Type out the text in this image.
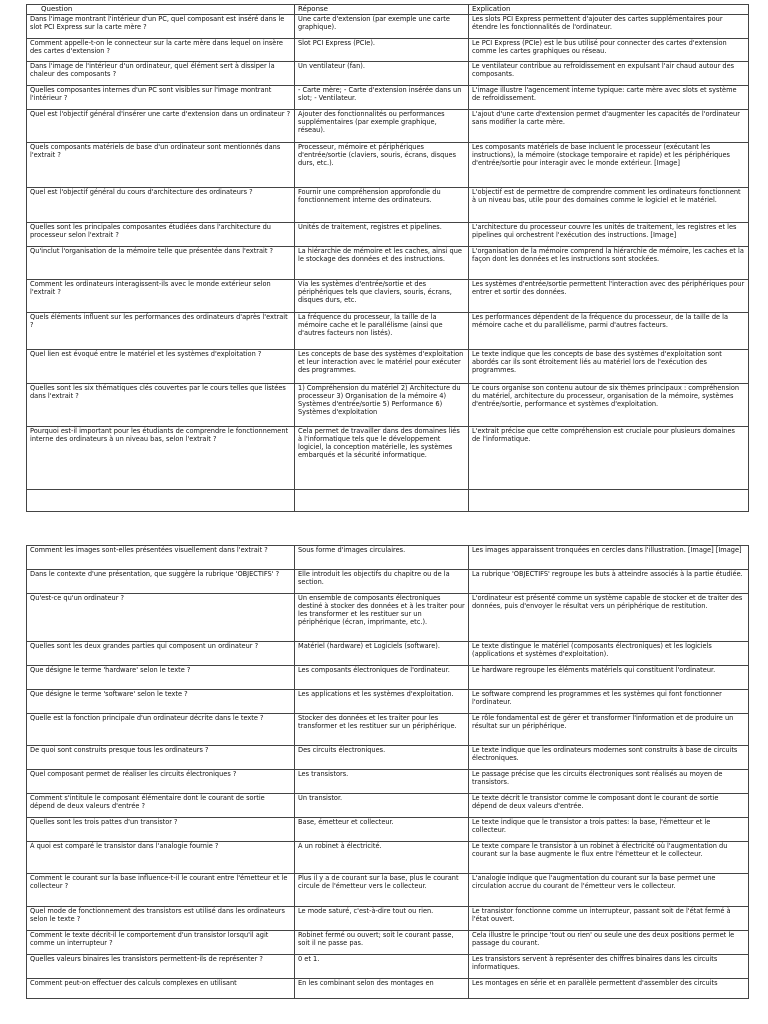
Question	Réponse	Explication
Dans l'image montrant l'intérieur d'un PC, quel composant est inséré dans le slot PCI Express sur la carte mère ?	Une carte d'extension (par exemple une carte graphique).	Les slots PCI Express permettent d'ajouter des cartes supplémentaires pour étendre les fonctionnalités de l'ordinateur.
Comment appelle-t-on le connecteur sur la carte mère dans lequel on insère des cartes d'extension ?	Slot PCI Express (PCIe).	Le PCI Express (PCIe) est le bus utilisé pour connecter des cartes d'extension comme les cartes graphiques ou réseau.
Dans l'image de l'intérieur d'un ordinateur, quel élément sert à dissiper la chaleur des composants ?	Un ventilateur (fan).	Le ventilateur contribue au refroidissement en expulsant l'air chaud autour des composants.
Quelles composantes internes d'un PC sont visibles sur l'image montrant l'intérieur ?	- Carte mère; - Carte d'extension insérée dans un slot; - Ventilateur.	L'image illustre l'agencement interne typique: carte mère avec slots et système de refroidissement.
Quel est l'objectif général d'insérer une carte d'extension dans un ordinateur ?	Ajouter des fonctionnalités ou performances supplémentaires (par exemple graphique, réseau).	L'ajout d'une carte d'extension permet d'augmenter les capacités de l'ordinateur sans modifier la carte mère.
Quels composants matériels de base d'un ordinateur sont mentionnés dans l'extrait ?	Processeur, mémoire et périphériques d'entrée/sortie (claviers, souris, écrans, disques durs, etc.).	Les composants matériels de base incluent le processeur (exécutant les instructions), la mémoire (stockage temporaire et rapide) et les périphériques d'entrée/sortie pour interagir avec le monde extérieur. [Image]
Quel est l'objectif général du cours d'architecture des ordinateurs ?	Fournir une compréhension approfondie du fonctionnement interne des ordinateurs.	L'objectif est de permettre de comprendre comment les ordinateurs fonctionnent à un niveau bas, utile pour des domaines comme le logiciel et le matériel.
Quelles sont les principales composantes étudiées dans l'architecture du processeur selon l'extrait ?	Unités de traitement, registres et pipelines.	L'architecture du processeur couvre les unités de traitement, les registres et les pipelines qui orchestrent l'exécution des instructions. [Image]
Qu'inclut l'organisation de la mémoire telle que présentée dans l'extrait ?	La hiérarchie de mémoire et les caches, ainsi que le stockage des données et des instructions.	L'organisation de la mémoire comprend la hiérarchie de mémoire, les caches et la façon dont les données et les instructions sont stockées.
Comment les ordinateurs interagissent-ils avec le monde extérieur selon l'extrait ?	Via les systèmes d'entrée/sortie et des périphériques tels que claviers, souris, écrans, disques durs, etc.	Les systèmes d'entrée/sortie permettent l'interaction avec des périphériques pour entrer et sortir des données.
Quels éléments influent sur les performances des ordinateurs d'après l'extrait ?	La fréquence du processeur, la taille de la mémoire cache et le parallélisme (ainsi que d'autres facteurs non listés).	Les performances dépendent de la fréquence du processeur, de la taille de la mémoire cache et du parallélisme, parmi d'autres facteurs.
Quel lien est évoqué entre le matériel et les systèmes d'exploitation ?	Les concepts de base des systèmes d'exploitation et leur interaction avec le matériel pour exécuter des programmes.	Le texte indique que les concepts de base des systèmes d'exploitation sont abordés car ils sont étroitement liés au matériel lors de l'exécution des programmes.
Quelles sont les six thématiques clés couvertes par le cours telles que listées dans l'extrait ?	1) Compréhension du matériel 2) Architecture du processeur 3) Organisation de la mémoire 4) Systèmes d'entrée/sortie 5) Performance 6) Systèmes d'exploitation	Le cours organise son contenu autour de six thèmes principaux : compréhension du matériel, architecture du processeur, organisation de la mémoire, systèmes d'entrée/sortie, performance et systèmes d'exploitation.
Pourquoi est-il important pour les étudiants de comprendre le fonctionnement interne des ordinateurs à un niveau bas, selon l'extrait ?	Cela permet de travailler dans des domaines liés à l'informatique tels que le développement logiciel, la conception matérielle, les systèmes embarqués et la sécurité informatique.	L'extrait précise que cette compréhension est cruciale pour plusieurs domaines de l'informatique.

Comment les images sont-elles présentées visuellement dans l'extrait ?	Sous forme d'images circulaires.	Les images apparaissent tronquées en cercles dans l'illustration. [Image] [Image]
Dans le contexte d'une présentation, que suggère la rubrique 'OBJECTIFS' ?	Elle introduit les objectifs du chapitre ou de la section.	La rubrique 'OBJECTIFS' regroupe les buts à atteindre associés à la partie étudiée.
Qu'est-ce qu'un ordinateur ?	Un ensemble de composants électroniques destiné à stocker des données et à les traiter pour les transformer et les restituer sur un périphérique (écran, imprimante, etc.).	L'ordinateur est présenté comme un système capable de stocker et de traiter des données, puis d'envoyer le résultat vers un périphérique de restitution.
Quelles sont les deux grandes parties qui composent un ordinateur ?	Matériel (hardware) et Logiciels (software).	Le texte distingue le matériel (composants électroniques) et les logiciels (applications et systèmes d'exploitation).
Que désigne le terme 'hardware' selon le texte ?	Les composants électroniques de l'ordinateur.	Le hardware regroupe les éléments matériels qui constituent l'ordinateur.
Que désigne le terme 'software' selon le texte ?	Les applications et les systèmes d'exploitation.	Le software comprend les programmes et les systèmes qui font fonctionner l'ordinateur.
Quelle est la fonction principale d'un ordinateur décrite dans le texte ?	Stocker des données et les traiter pour les transformer et les restituer sur un périphérique.	Le rôle fondamental est de gérer et transformer l'information et de produire un résultat sur un périphérique.
De quoi sont construits presque tous les ordinateurs ?	Des circuits électroniques.	Le texte indique que les ordinateurs modernes sont construits à base de circuits électroniques.
Quel composant permet de réaliser les circuits électroniques ?	Les transistors.	Le passage précise que les circuits électroniques sont réalisés au moyen de transistors.
Comment s'intitule le composant élémentaire dont le courant de sortie dépend de deux valeurs d'entrée ?	Un transistor.	Le texte décrit le transistor comme le composant dont le courant de sortie dépend de deux valeurs d'entrée.
Quelles sont les trois pattes d'un transistor ?	Base, émetteur et collecteur.	Le texte indique que le transistor a trois pattes: la base, l'émetteur et le collecteur.
À quoi est comparé le transistor dans l'analogie fournie ?	À un robinet à électricité.	Le texte compare le transistor à un robinet à électricité où l'augmentation du courant sur la base augmente le flux entre l'émetteur et le collecteur.
Comment le courant sur la base influence-t-il le courant entre l'émetteur et le collecteur ?	Plus il y a de courant sur la base, plus le courant circule de l'émetteur vers le collecteur.	L'analogie indique que l'augmentation du courant sur la base permet une circulation accrue du courant de l'émetteur vers le collecteur.
Quel mode de fonctionnement des transistors est utilisé dans les ordinateurs selon le texte ?	Le mode saturé, c'est-à-dire tout ou rien.	Le transistor fonctionne comme un interrupteur, passant soit de l'état fermé à l'état ouvert.
Comment le texte décrit-il le comportement d'un transistor lorsqu'il agit comme un interrupteur ?	Robinet fermé ou ouvert; soit le courant passe, soit il ne passe pas.	Cela illustre le principe 'tout ou rien' ou seule une des deux positions permet le passage du courant.
Quelles valeurs binaires les transistors permettent-ils de représenter ?	0 et 1.	Les transistors servent à représenter des chiffres binaires dans les circuits informatiques.
Comment peut-on effectuer des calculs complexes en utilisant	En les combinant selon des montages en	Les montages en série et en parallèle permettent d'assembler des circuits
